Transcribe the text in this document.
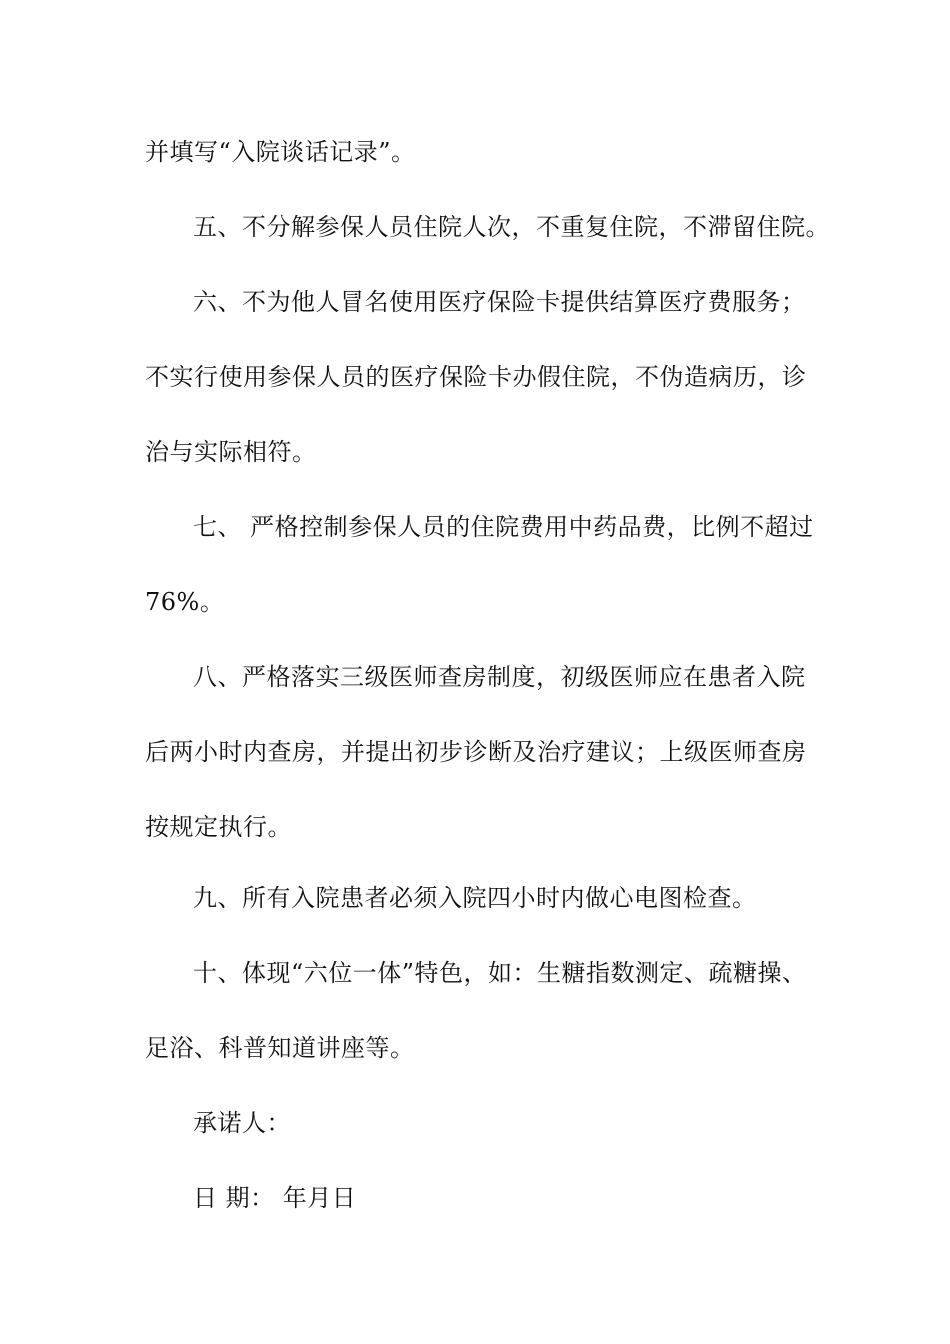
并填写“入院谈话记录”。
五、不分解参保人员住院人次，不重复住院，不滞留住院。
六、不为他人冒名使用医疗保险卡提供结算医疗费服务；
不实行使用参保人员的医疗保险卡办假住院，不伪造病历，诊
治与实际相符。
七、 严格控制参保人员的住院费用中药品费，比例不超过
76%。
八、严格落实三级医师查房制度，初级医师应在患者入院
后两小时内查房，并提出初步诊断及治疗建议；上级医师查房
按规定执行。
九、所有入院患者必须入院四小时内做心电图检查。
十、体现“六位一体”特色，如：生糖指数测定、疏糖操、
足浴、科普知道讲座等。
承诺人：
日 期： 年月日
